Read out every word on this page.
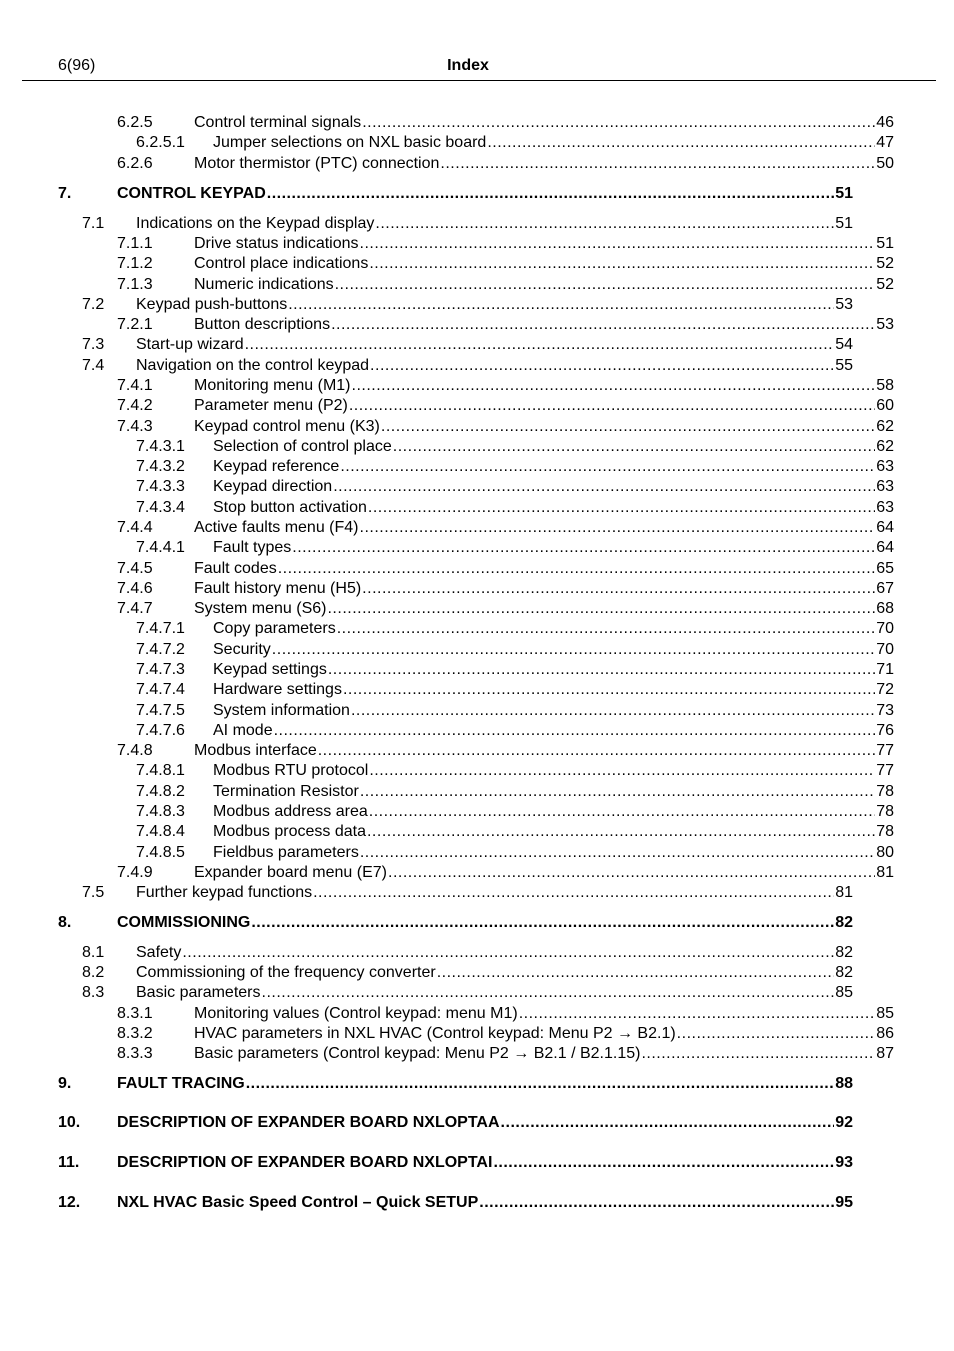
6(96)	Index
6.2.5	Control terminal signals .....	46
6.2.5.1 Jumper selections on NXL basic board .....	47
6.2.6	Motor thermistor (PTC) connection .....	50
7.	CONTROL KEYPAD .....	51
7.1 Indications on the Keypad display .....	51
7.1.1	Drive status indications .....	51
7.1.2	Control place indications .....	52
7.1.3	Numeric indications .....	52
7.2 Keypad push-buttons .....	53
7.2.1	Button descriptions .....	53
7.3 Start-up wizard .....	54
7.4 Navigation on the control keypad .....	55
7.4.1	Monitoring menu (M1) .....	58
7.4.2	Parameter menu (P2) .....	60
7.4.3	Keypad control menu (K3) .....	62
7.4.3.1 Selection of control place .....	62
7.4.3.2 Keypad reference .....	63
7.4.3.3 Keypad direction .....	63
7.4.3.4 Stop button activation .....	63
7.4.4	Active faults menu (F4) .....	64
7.4.4.1 Fault types .....	64
7.4.5	Fault codes .....	65
7.4.6	Fault history menu (H5) .....	67
7.4.7	System menu (S6) .....	68
7.4.7.1 Copy parameters .....	70
7.4.7.2 Security .....	70
7.4.7.3 Keypad settings .....	71
7.4.7.4 Hardware settings .....	72
7.4.7.5 System information .....	73
7.4.7.6 AI mode .....	76
7.4.8	Modbus interface .....	77
7.4.8.1 Modbus RTU protocol .....	77
7.4.8.2 Termination Resistor .....	78
7.4.8.3 Modbus address area .....	78
7.4.8.4 Modbus process data .....	78
7.4.8.5 Fieldbus parameters .....	80
7.4.9	Expander board menu (E7) .....	81
7.5 Further keypad functions .....	81
8.	COMMISSIONING .....	82
8.1 Safety .....	82
8.2 Commissioning of the frequency converter .....	82
8.3 Basic parameters .....	85
8.3.1	Monitoring values (Control keypad: menu M1) .....	85
8.3.2	HVAC parameters in NXL HVAC (Control keypad: Menu P2 → B2.1) .....	86
8.3.3	Basic parameters (Control keypad: Menu P2 → B2.1 / B2.1.15) .....	87
9.	FAULT TRACING .....	88
10. DESCRIPTION OF EXPANDER BOARD NXLOPTAA .....	92
11. DESCRIPTION OF EXPANDER BOARD NXLOPTAI .....	93
12. NXL HVAC Basic Speed Control – Quick SETUP .....	95
